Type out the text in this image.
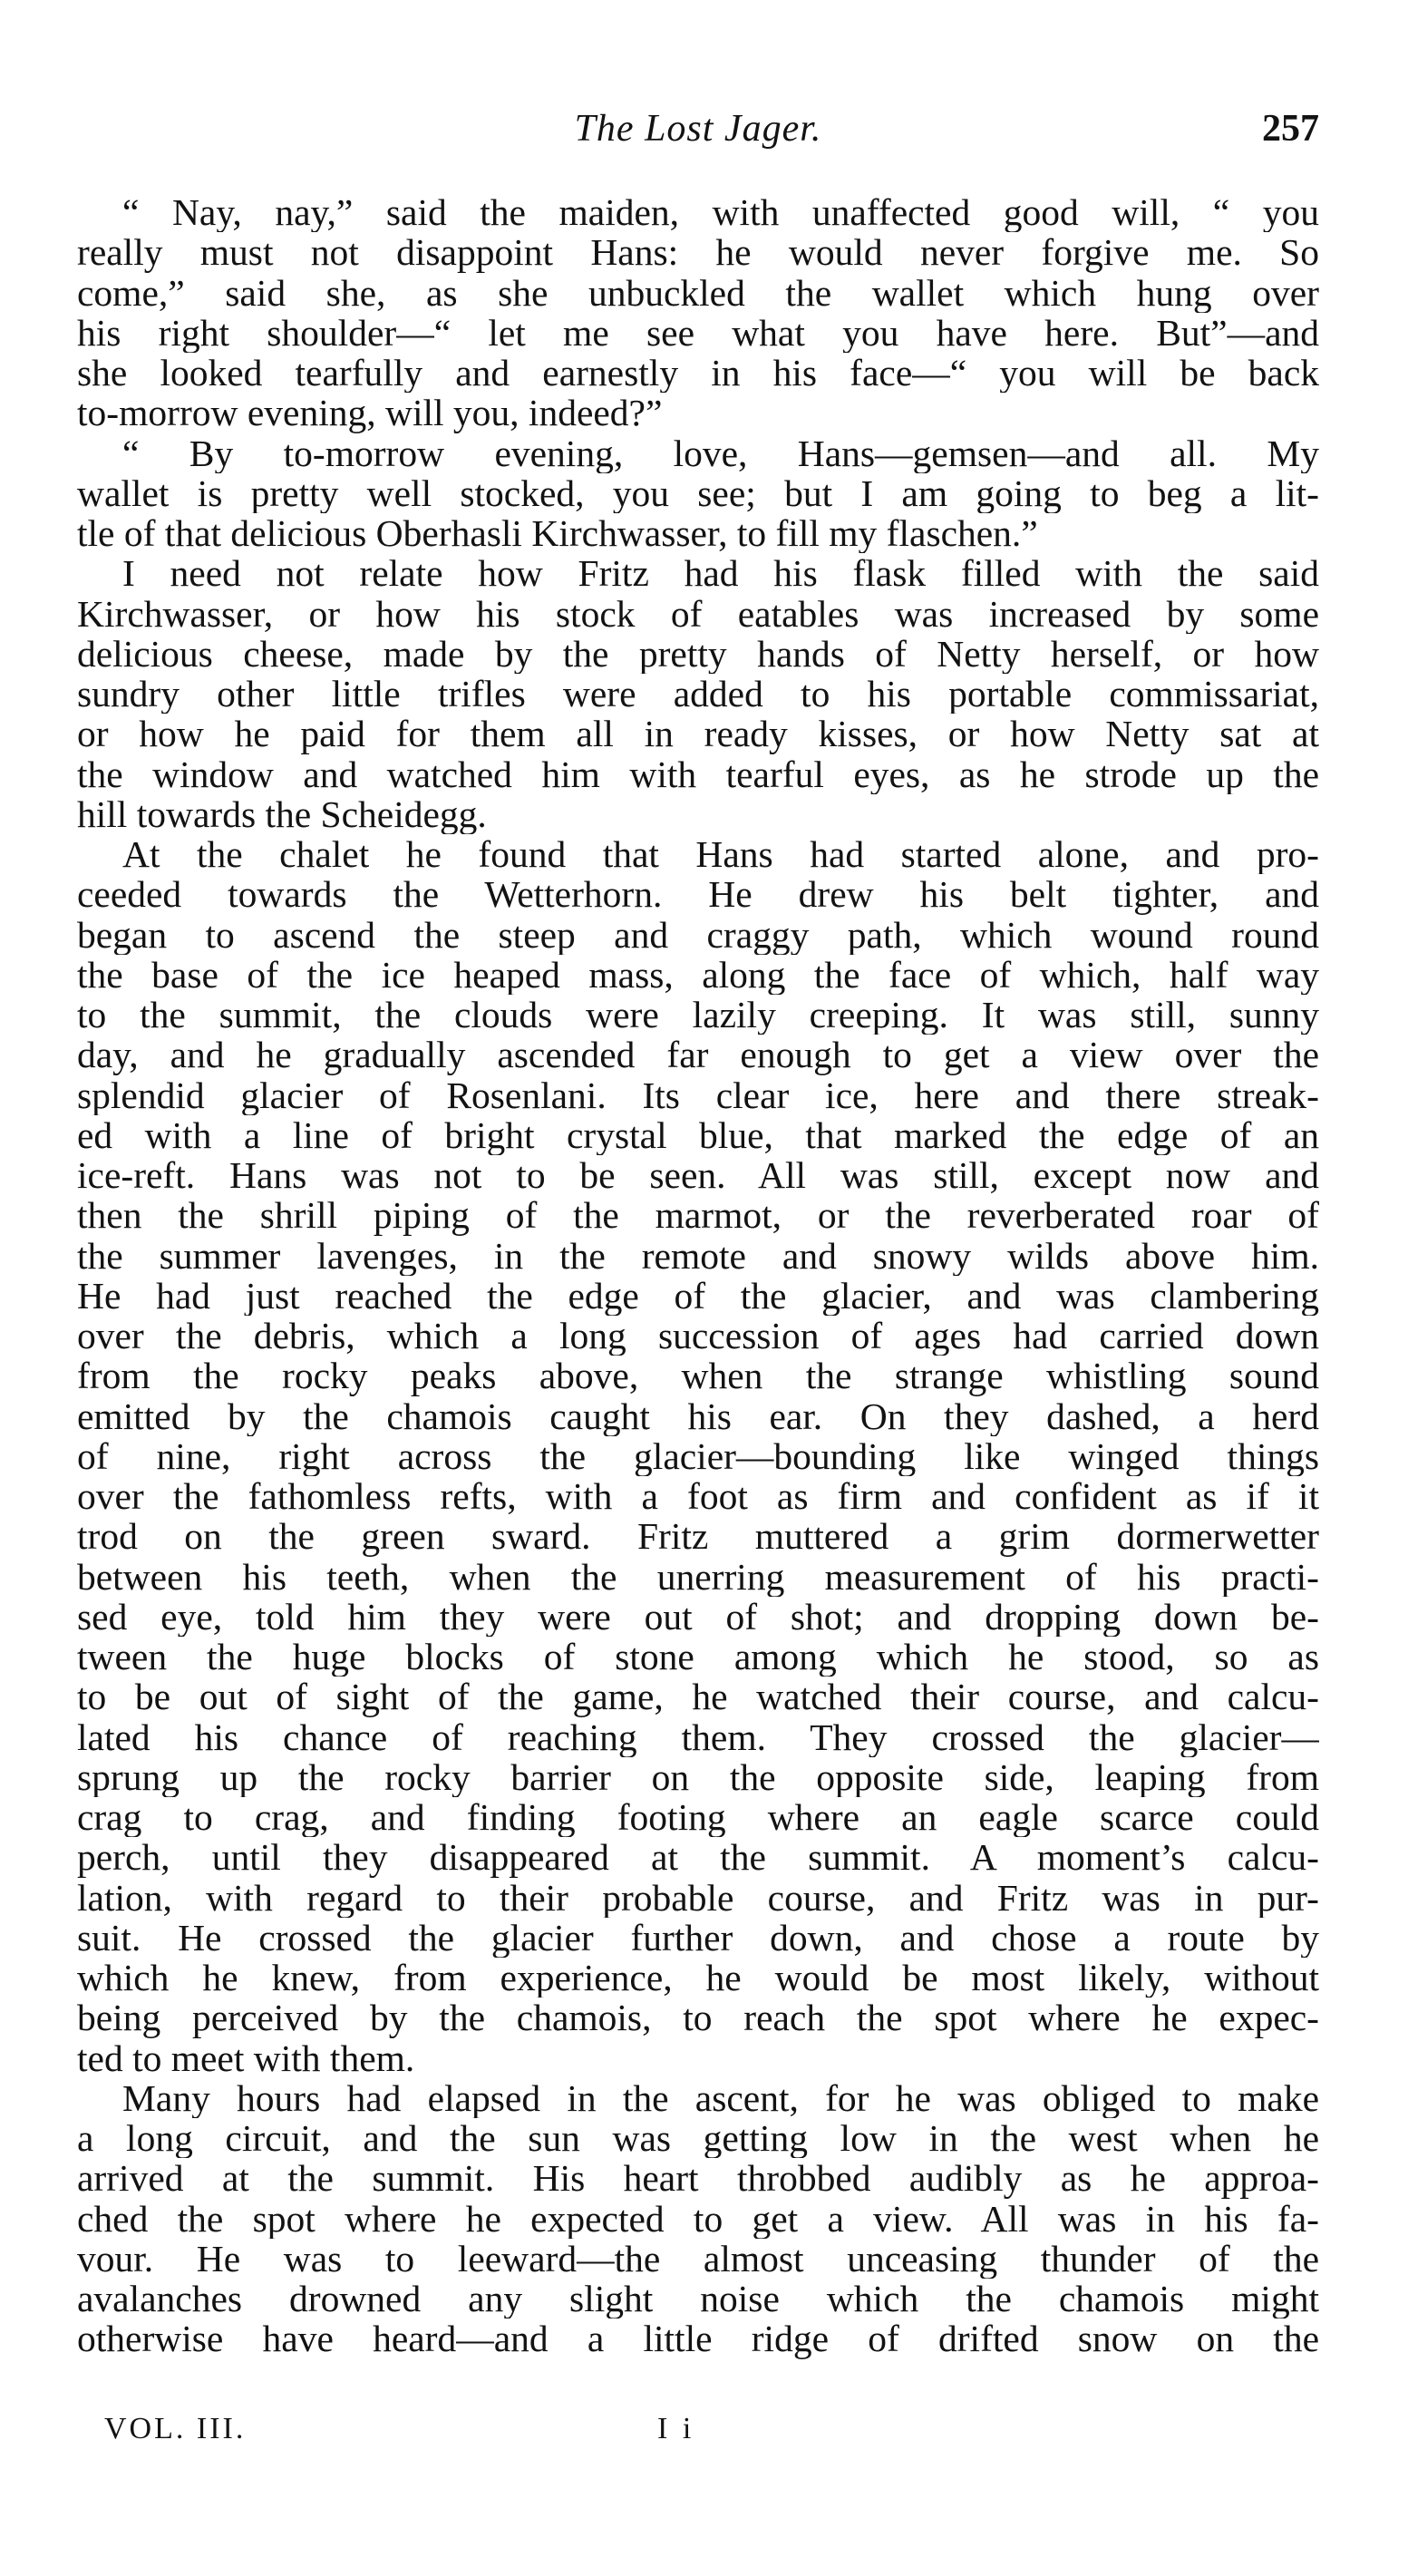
The Lost Jager.	257
“ Nay, nay,” said the maiden, with unaffected good will, “ you
really must not disappoint Hans: he would never forgive me. So
come,” said she, as she unbuckled the wallet which hung over
his right shoulder—“ let me see what you have here. But”—and
she looked tearfully and earnestly in his face—“ you will be back
to-morrow evening, will you, indeed?”
“ By to-morrow evening, love, Hans—gemsen—and all. My
wallet is pretty well stocked, you see; but I am going to beg a lit-
tle of that delicious Oberhasli Kirchwasser, to fill my flaschen.”
I need not relate how Fritz had his flask filled with the said
Kirchwasser, or how his stock of eatables was increased by some
delicious cheese, made by the pretty hands of Netty herself, or how
sundry other little trifles were added to his portable commissariat,
or how he paid for them all in ready kisses, or how Netty sat at
the window and watched him with tearful eyes, as he strode up the
hill towards the Scheidegg.
At the chalet he found that Hans had started alone, and pro-
ceeded towards the Wetterhorn. He drew his belt tighter, and
began to ascend the steep and craggy path, which wound round
the base of the ice heaped mass, along the face of which, half way
to the summit, the clouds were lazily creeping. It was still, sunny
day, and he gradually ascended far enough to get a view over the
splendid glacier of Rosenlani. Its clear ice, here and there streak-
ed with a line of bright crystal blue, that marked the edge of an
ice-reft. Hans was not to be seen. All was still, except now and
then the shrill piping of the marmot, or the reverberated roar of
the summer lavenges, in the remote and snowy wilds above him.
He had just reached the edge of the glacier, and was clambering
over the debris, which a long succession of ages had carried down
from the rocky peaks above, when the strange whistling sound
emitted by the chamois caught his ear. On they dashed, a herd
of nine, right across the glacier—bounding like winged things
over the fathomless refts, with a foot as firm and confident as if it
trod on the green sward. Fritz muttered a grim dormerwetter
between his teeth, when the unerring measurement of his practi-
sed eye, told him they were out of shot; and dropping down be-
tween the huge blocks of stone among which he stood, so as
to be out of sight of the game, he watched their course, and calcu-
lated his chance of reaching them. They crossed the glacier—
sprung up the rocky barrier on the opposite side, leaping from
crag to crag, and finding footing where an eagle scarce could
perch, until they disappeared at the summit. A moment’s calcu-
lation, with regard to their probable course, and Fritz was in pur-
suit. He crossed the glacier further down, and chose a route by
which he knew, from experience, he would be most likely, without
being perceived by the chamois, to reach the spot where he expec-
ted to meet with them.
Many hours had elapsed in the ascent, for he was obliged to make
a long circuit, and the sun was getting low in the west when he
arrived at the summit. His heart throbbed audibly as he approa-
ched the spot where he expected to get a view. All was in his fa-
vour. He was to leeward—the almost unceasing thunder of the
avalanches drowned any slight noise which the chamois might
otherwise have heard—and a little ridge of drifted snow on the
VOL. III.	I i
